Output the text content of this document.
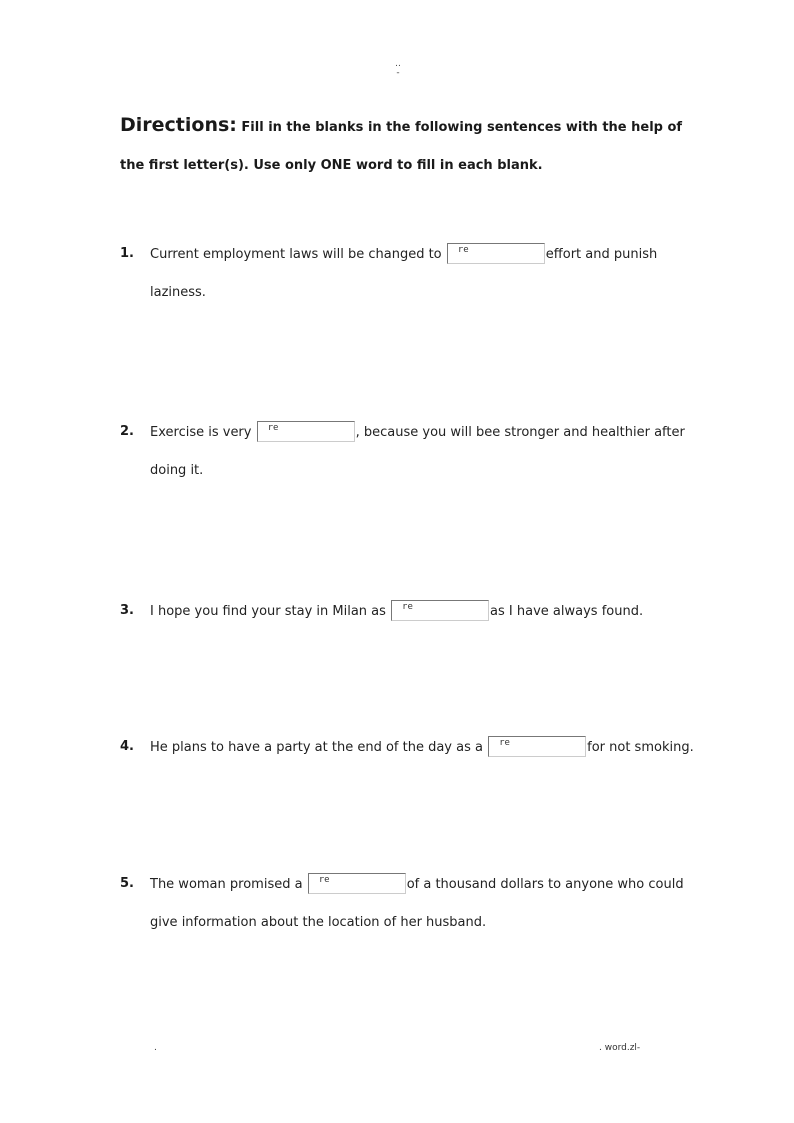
..
-
Directions: Fill in the blanks in the following sentences with the help of the first letter(s). Use only ONE word to fill in each blank.
1. Current employment laws will be changed to re	effort and punish
laziness.
2. Exercise is very re	, because you will bee stronger and healthier after
doing it.
3. I hope you find your stay in Milan as re	as I have always found.
4. He plans to have a party at the end of the day as a re	for not smoking.
5. The woman promised a re	of a thousand dollars to anyone who could
give information about the location of her husband.
.	. word.zl-
